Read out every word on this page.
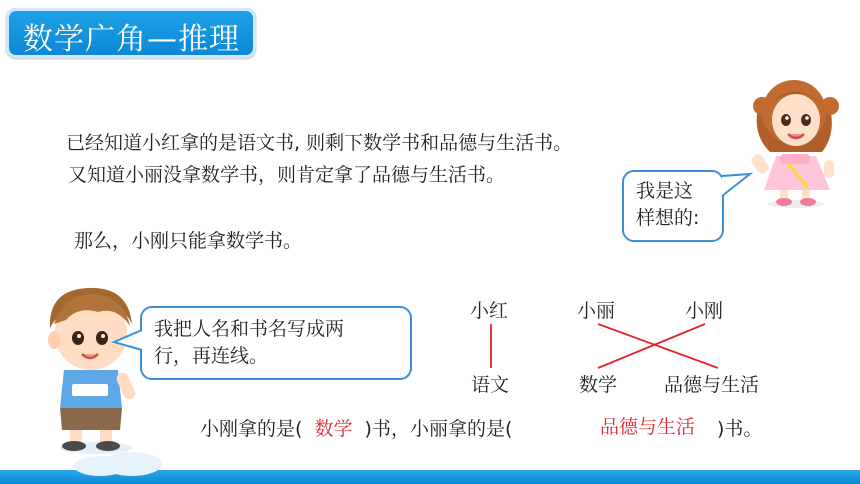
数学广角—推理
已经知道小红拿的是语文书, 则剩下数学书和品德与生活书。
又知道小丽没拿数学书，则肯定拿了品德与生活书。
那么，小刚只能拿数学书。
我是这
样想的:
我把人名和书名写成两
行，再连线。
小红	小丽	小刚
语文	数学 品德与生活
小刚拿的是( 数学 )书，小丽拿的是(	品德与生活 )书。
